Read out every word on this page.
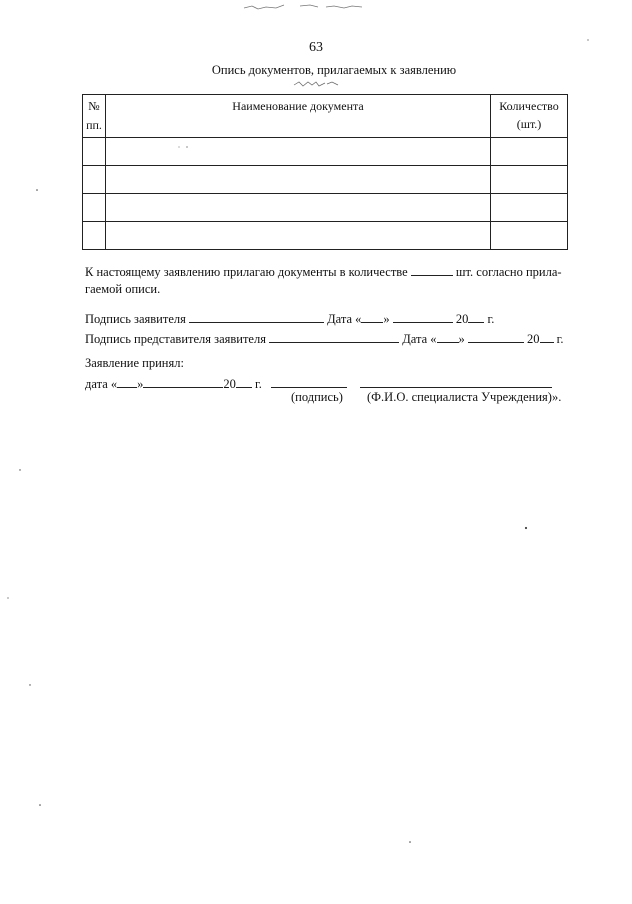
63
Опись документов, прилагаемых к заявлению
№
пп.	Наименование документа	Количество
(шт.)

К настоящему заявлению прилагаю документы в количестве	шт. согласно прила-
гаемой описи.
Подпись заявителя	Дата « »	20 г.
Подпись представителя заявителя	Дата « »	20 г.
Заявление принял:
дата « »	20 г.
(подпись) (Ф.И.О. специалиста Учреждения)».
